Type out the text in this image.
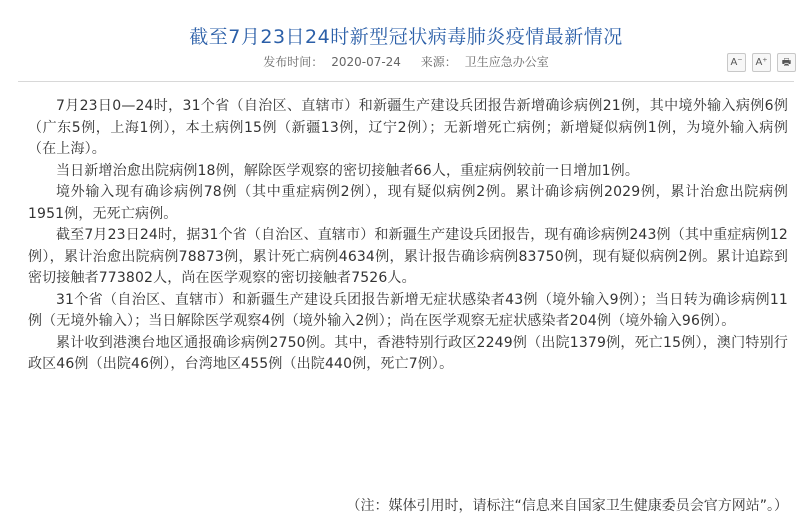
截至7月23日24时新型冠状病毒肺炎疫情最新情况
发布时间： 2020-07-24 来源： 卫生应急办公室	A⁻	A⁺	🖶

7月23日0—24时，31个省（自治区、直辖市）和新疆生产建设兵团报告新增确诊病例21例，其中境外输入病例6例（广东5例，上海1例），本土病例15例（新疆13例，辽宁2例）；无新增死亡病例；新增疑似病例1例，为境外输入病例（在上海）。

当日新增治愈出院病例18例，解除医学观察的密切接触者66人，重症病例较前一日增加1例。

境外输入现有确诊病例78例（其中重症病例2例），现有疑似病例2例。累计确诊病例2029例，累计治愈出院病例1951例，无死亡病例。

截至7月23日24时，据31个省（自治区、直辖市）和新疆生产建设兵团报告，现有确诊病例243例（其中重症病例12例），累计治愈出院病例78873例，累计死亡病例4634例，累计报告确诊病例83750例，现有疑似病例2例。累计追踪到密切接触者773802人，尚在医学观察的密切接触者7526人。

31个省（自治区、直辖市）和新疆生产建设兵团报告新增无症状感染者43例（境外输入9例）；当日转为确诊病例11例（无境外输入）；当日解除医学观察4例（境外输入2例）；尚在医学观察无症状感染者204例（境外输入96例）。

累计收到港澳台地区通报确诊病例2750例。其中，香港特别行政区2249例（出院1379例，死亡15例），澳门特别行政区46例（出院46例），台湾地区455例（出院440例，死亡7例）。

（注：媒体引用时，请标注“信息来自国家卫生健康委员会官方网站”。）
